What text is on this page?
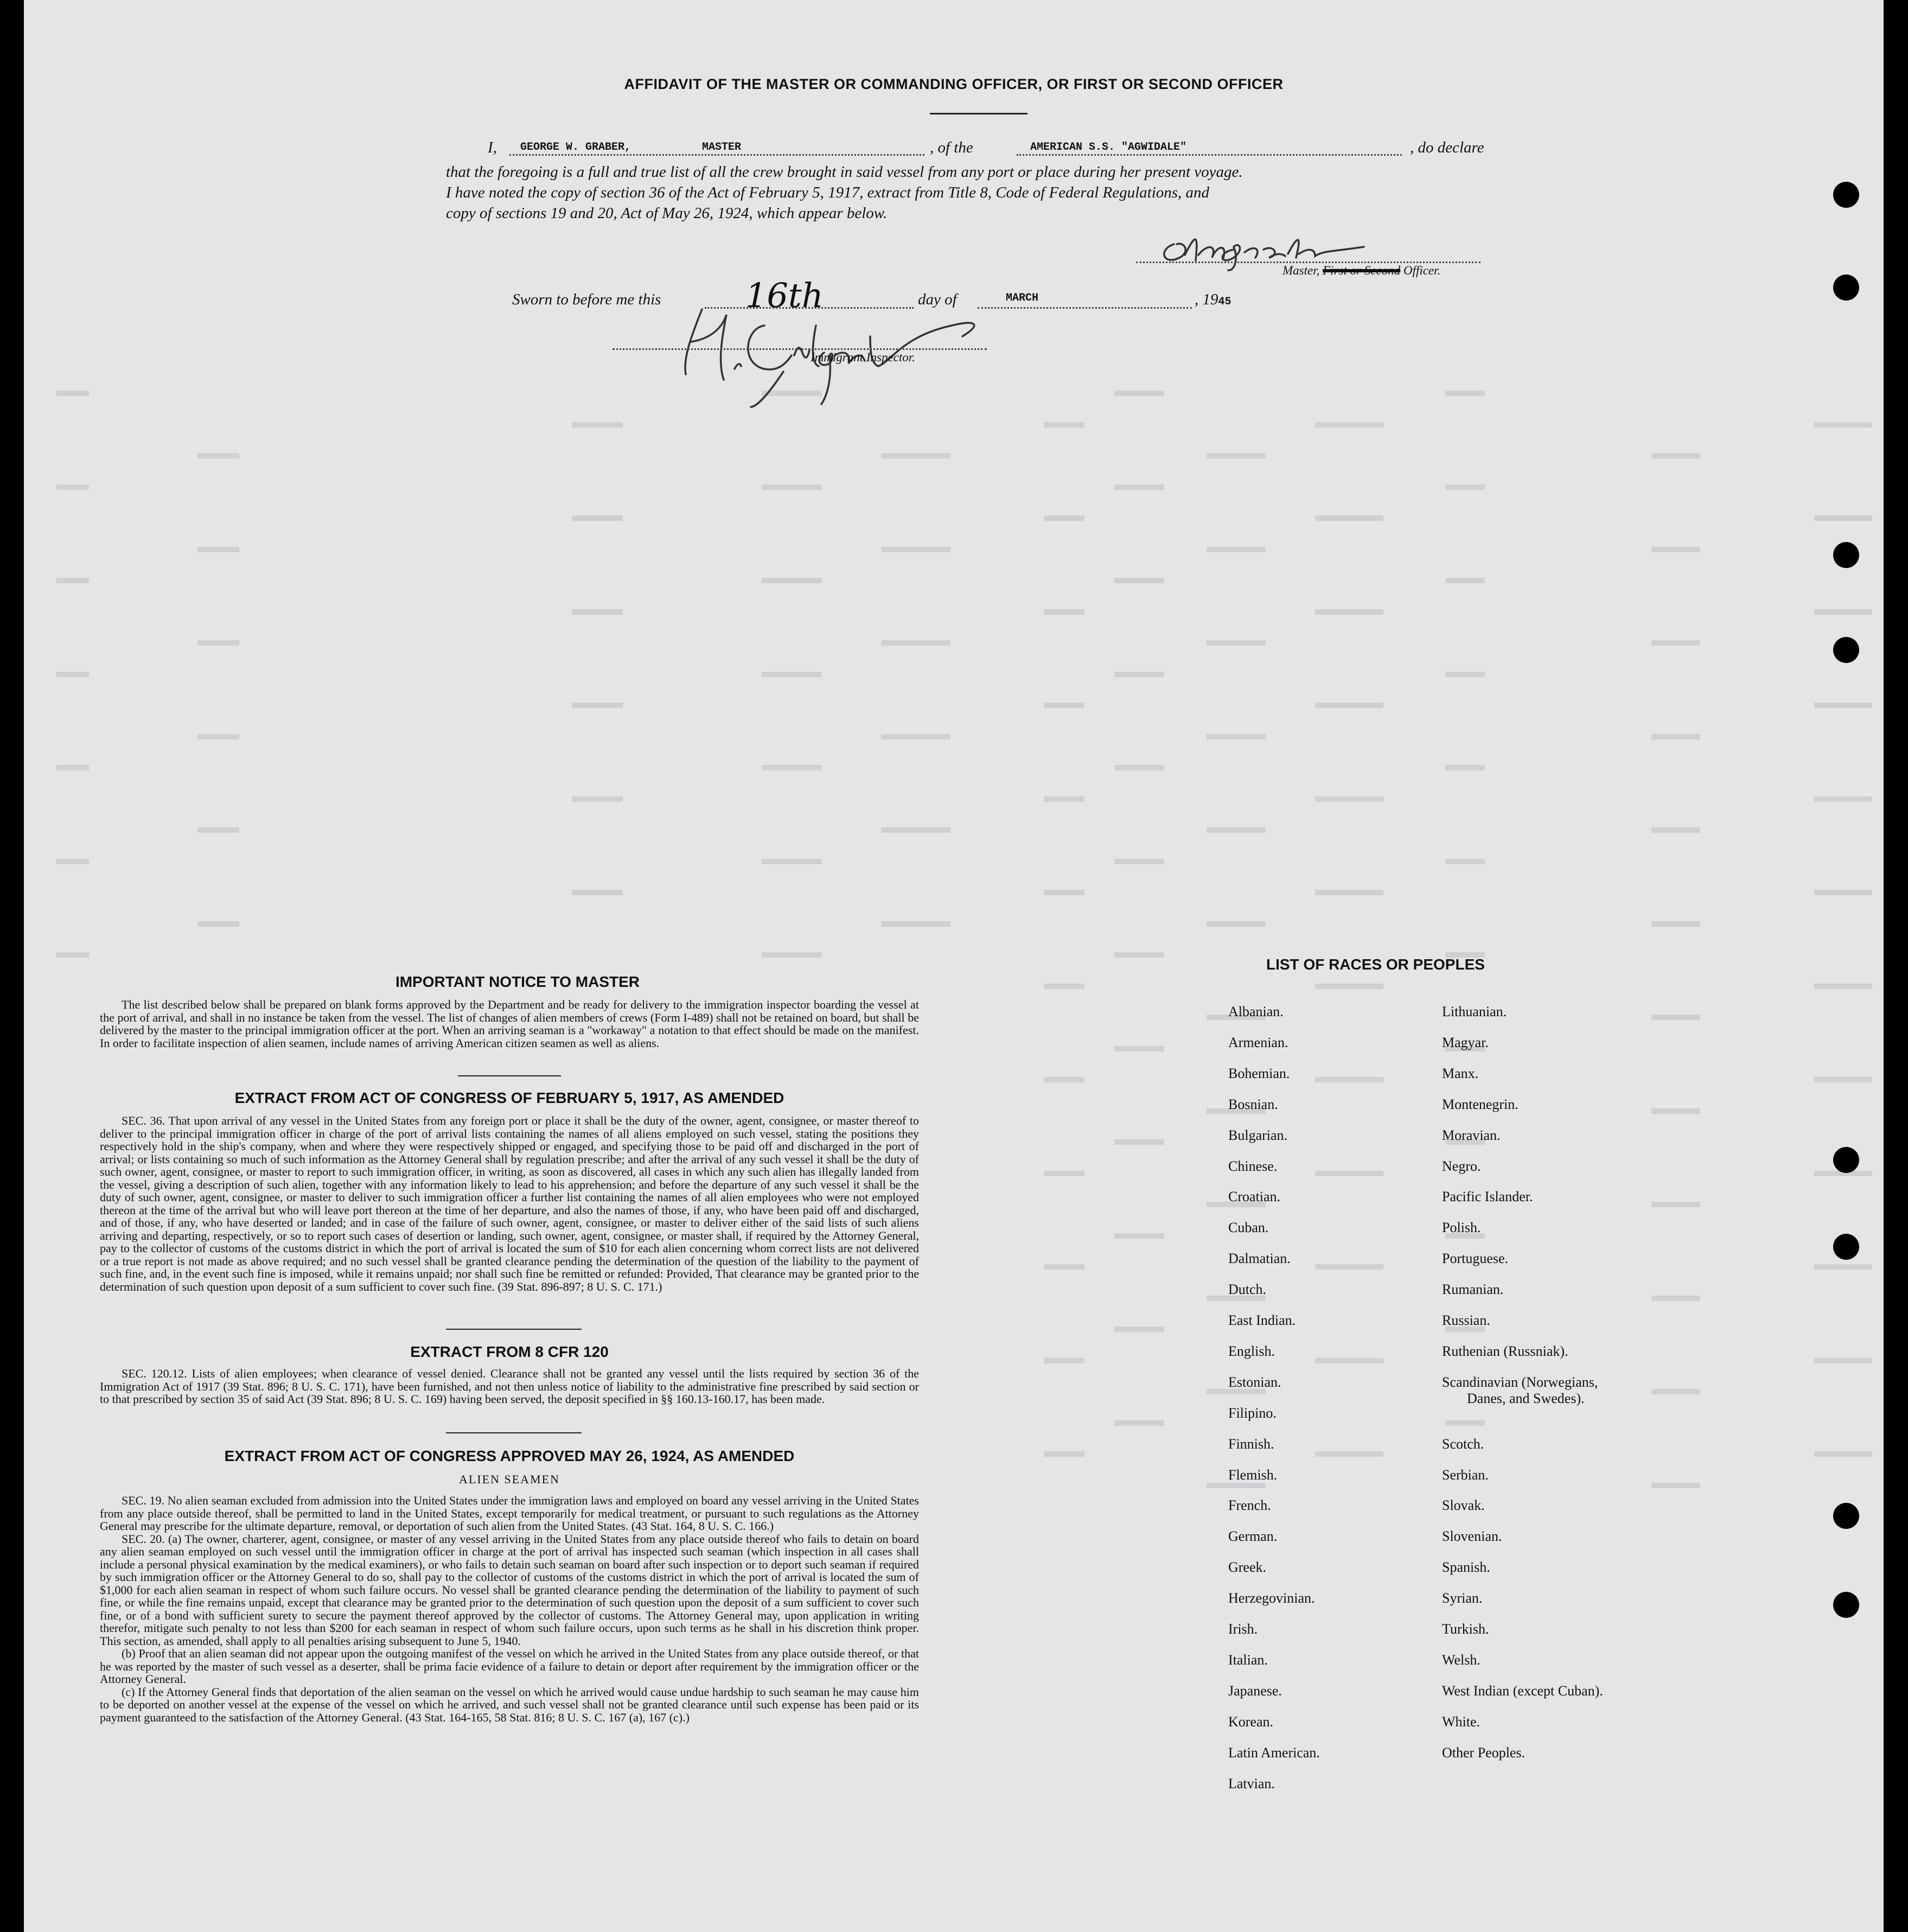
AFFIDAVIT OF THE MASTER OR COMMANDING OFFICER, OR FIRST OR SECOND OFFICER
I, GEORGE W. GRABER,	MASTER	, of the	AMERICAN S.S. "AGWIDALE"	, do declare
that the foregoing is a full and true list of all the crew brought in said vessel from any port or place during her present voyage.
I have noted the copy of section 36 of the Act of February 5, 1917, extract from Title 8, Code of Federal Regulations, and
copy of sections 19 and 20, Act of May 26, 1924, which appear below.
Master, First or Second Officer.
Sworn to before me this	16th	day of	MARCH	, 1945
Immigrant Inspector.
IMPORTANT NOTICE TO MASTER

The list described below shall be prepared on blank forms approved by the Department and be ready for delivery to the immigration inspector boarding the vessel at the port of arrival, and shall in no instance be taken from the vessel. The list of changes of alien members of crews (Form I-489) shall not be retained on board, but shall be delivered by the master to the principal immigration officer at the port. When an arriving seaman is a "workaway" a notation to that effect should be made on the manifest. In order to facilitate inspection of alien seamen, include names of arriving American citizen seamen as well as aliens.

EXTRACT FROM ACT OF CONGRESS OF FEBRUARY 5, 1917, AS AMENDED

SEC. 36. That upon arrival of any vessel in the United States from any foreign port or place it shall be the duty of the owner, agent, consignee, or master thereof to deliver to the principal immigration officer in charge of the port of arrival lists containing the names of all aliens employed on such vessel, stating the positions they respectively hold in the ship's company, when and where they were respectively shipped or engaged, and specifying those to be paid off and discharged in the port of arrival; or lists containing so much of such information as the Attorney General shall by regulation prescribe; and after the arrival of any such vessel it shall be the duty of such owner, agent, consignee, or master to report to such immigration officer, in writing, as soon as discovered, all cases in which any such alien has illegally landed from the vessel, giving a description of such alien, together with any information likely to lead to his apprehension; and before the departure of any such vessel it shall be the duty of such owner, agent, consignee, or master to deliver to such immigration officer a further list containing the names of all alien employees who were not employed thereon at the time of the arrival but who will leave port thereon at the time of her departure, and also the names of those, if any, who have been paid off and discharged, and of those, if any, who have deserted or landed; and in case of the failure of such owner, agent, consignee, or master to deliver either of the said lists of such aliens arriving and departing, respectively, or so to report such cases of desertion or landing, such owner, agent, consignee, or master shall, if required by the Attorney General, pay to the collector of customs of the customs district in which the port of arrival is located the sum of $10 for each alien concerning whom correct lists are not delivered or a true report is not made as above required; and no such vessel shall be granted clearance pending the determination of the question of the liability to the payment of such fine, and, in the event such fine is imposed, while it remains unpaid; nor shall such fine be remitted or refunded: Provided, That clearance may be granted prior to the determination of such question upon deposit of a sum sufficient to cover such fine. (39 Stat. 896-897; 8 U. S. C. 171.)

EXTRACT FROM 8 CFR 120

SEC. 120.12. Lists of alien employees; when clearance of vessel denied. Clearance shall not be granted any vessel until the lists required by section 36 of the Immigration Act of 1917 (39 Stat. 896; 8 U. S. C. 171), have been furnished, and not then unless notice of liability to the administrative fine prescribed by said section or to that prescribed by section 35 of said Act (39 Stat. 896; 8 U. S. C. 169) having been served, the deposit specified in §§ 160.13-160.17, has been made.

EXTRACT FROM ACT OF CONGRESS APPROVED MAY 26, 1924, AS AMENDED
ALIEN SEAMEN

SEC. 19. No alien seaman excluded from admission into the United States under the immigration laws and employed on board any vessel arriving in the United States from any place outside thereof, shall be permitted to land in the United States, except temporarily for medical treatment, or pursuant to such regulations as the Attorney General may prescribe for the ultimate departure, removal, or deportation of such alien from the United States. (43 Stat. 164, 8 U. S. C. 166.)

SEC. 20. (a) The owner, charterer, agent, consignee, or master of any vessel arriving in the United States from any place outside thereof who fails to detain on board any alien seaman employed on such vessel until the immigration officer in charge at the port of arrival has inspected such seaman (which inspection in all cases shall include a personal physical examination by the medical examiners), or who fails to detain such seaman on board after such inspection or to deport such seaman if required by such immigration officer or the Attorney General to do so, shall pay to the collector of customs of the customs district in which the port of arrival is located the sum of $1,000 for each alien seaman in respect of whom such failure occurs. No vessel shall be granted clearance pending the determination of the liability to payment of such fine, or while the fine remains unpaid, except that clearance may be granted prior to the determination of such question upon the deposit of a sum sufficient to cover such fine, or of a bond with sufficient surety to secure the payment thereof approved by the collector of customs. The Attorney General may, upon application in writing therefor, mitigate such penalty to not less than $200 for each seaman in respect of whom such failure occurs, upon such terms as he shall in his discretion think proper. This section, as amended, shall apply to all penalties arising subsequent to June 5, 1940.

(b) Proof that an alien seaman did not appear upon the outgoing manifest of the vessel on which he arrived in the United States from any place outside thereof, or that he was reported by the master of such vessel as a deserter, shall be prima facie evidence of a failure to detain or deport after requirement by the immigration officer or the Attorney General.

(c) If the Attorney General finds that deportation of the alien seaman on the vessel on which he arrived would cause undue hardship to such seaman he may cause him to be deported on another vessel at the expense of the vessel on which he arrived, and such vessel shall not be granted clearance until such expense has been paid or its payment guaranteed to the satisfaction of the Attorney General. (43 Stat. 164-165, 58 Stat. 816; 8 U. S. C. 167 (a), 167 (c).)

LIST OF RACES OR PEOPLES
Albanian.
Armenian.
Bohemian.
Bosnian.
Bulgarian.
Chinese.
Croatian.
Cuban.
Dalmatian.
Dutch.
East Indian.
English.
Estonian.
Filipino.
Finnish.
Flemish.
French.
German.
Greek.
Herzegovinian.
Irish.
Italian.
Japanese.
Korean.
Latin American.
Latvian.
Lithuanian.
Magyar.
Manx.
Montenegrin.
Moravian.
Negro.
Pacific Islander.
Polish.
Portuguese.
Rumanian.
Russian.
Ruthenian (Russniak).
Scandinavian (Norwegians,
Danes, and Swedes).
Scotch.
Serbian.
Slovak.
Slovenian.
Spanish.
Syrian.
Turkish.
Welsh.
West Indian (except Cuban).
White.
Other Peoples.
